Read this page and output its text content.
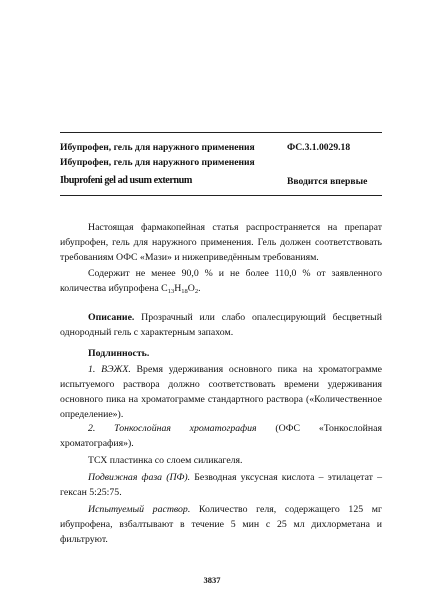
Ибупрофен, гель для наружного применения	ФС.3.1.0029.18
Ибупрофен, гель для наружного применения
Ibuprofeni gel ad usum externum	Вводится впервые
Настоящая фармакопейная статья распространяется на препарат ибупрофен, гель для наружного применения. Гель должен соответствовать требованиям ОФС «Мази» и нижеприведённым требованиям.
Содержит не менее 90,0 % и не более 110,0 % от заявленного количества ибупрофена $C_{13}H_{18}O_2$.
Описание. Прозрачный или слабо опалесцирующий бесцветный однородный гель с характерным запахом.
Подлинность.
1. ВЭЖХ. Время удерживания основного пика на хроматограмме испытуемого раствора должно соответствовать времени удерживания основного пика на хроматограмме стандартного раствора («Количественное определение»).
2. Тонкослойная хроматография (ОФС «Тонкослойная хроматография»).
ТСХ пластинка со слоем силикагеля.
Подвижная фаза (ПФ). Безводная уксусная кислота – этилацетат – гексан 5:25:75.
Испытуемый раствор. Количество геля, содержащего 125 мг ибупрофена, взбалтывают в течение 5 мин с 25 мл дихлорметана и фильтруют.
3837
